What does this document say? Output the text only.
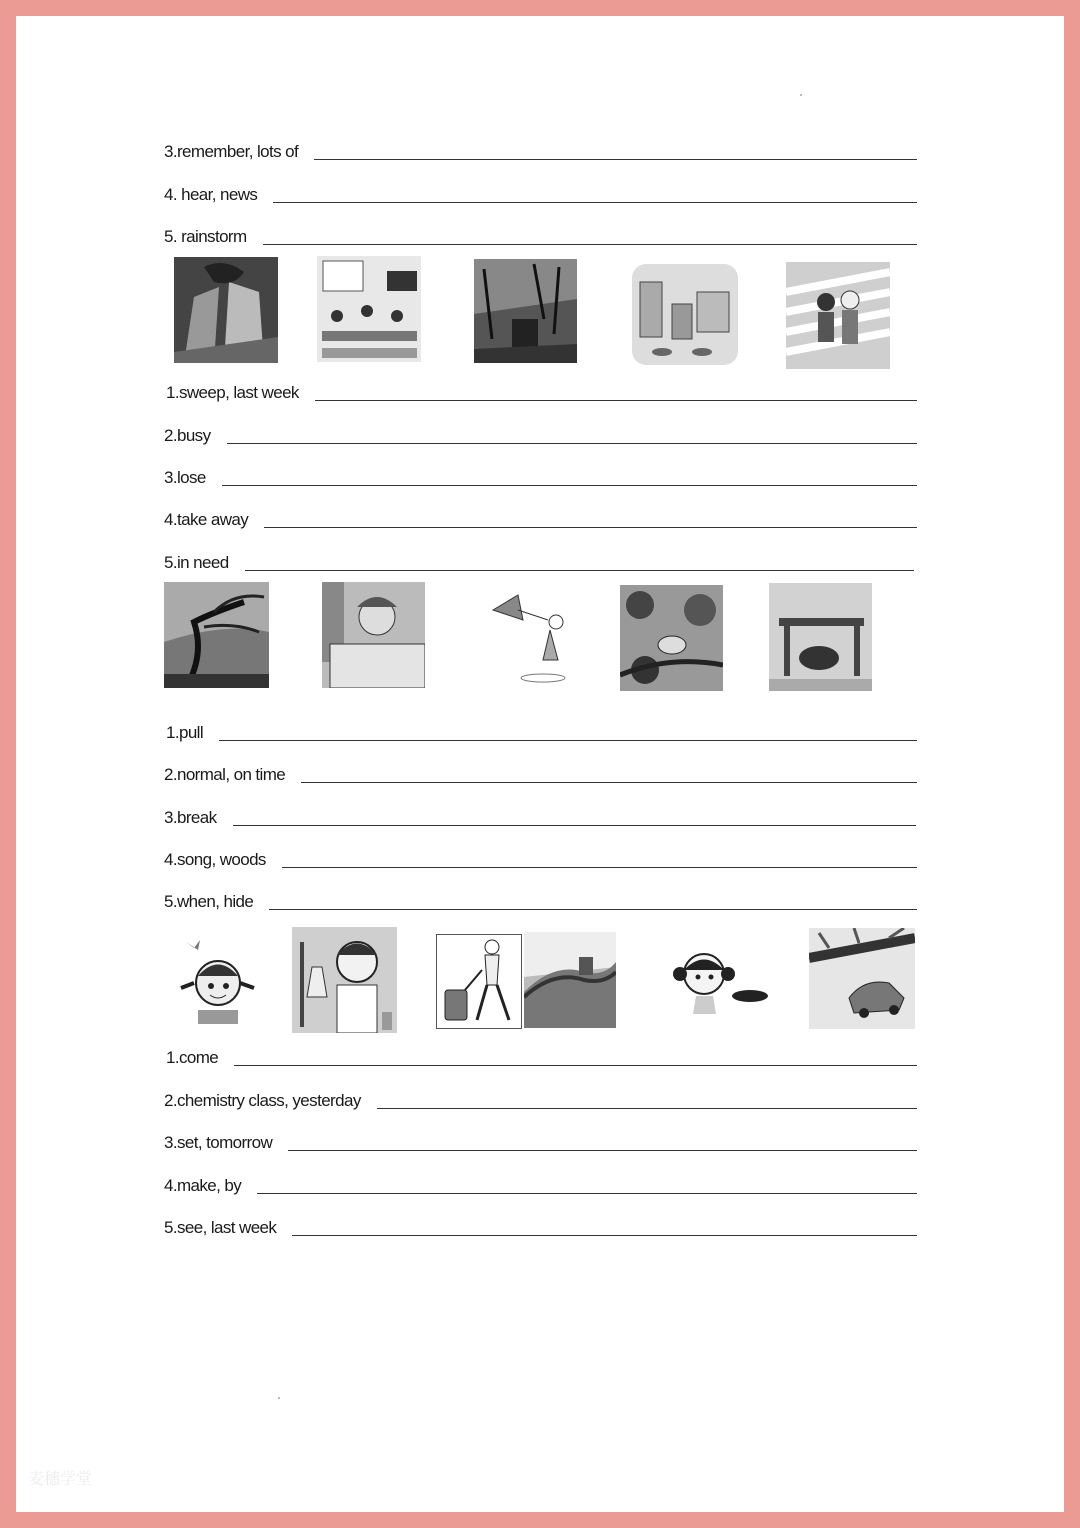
3.remember, lots of
4. hear, news
5. rainstorm
1.sweep, last week
2.busy
3.lose
4.take away
5.in need
1.pull
2.normal, on time
3.break
4.song, woods
5.when, hide
1.come
2.chemistry class, yesterday
3.set, tomorrow
4.make, by
5.see, last week
麦穗学堂
